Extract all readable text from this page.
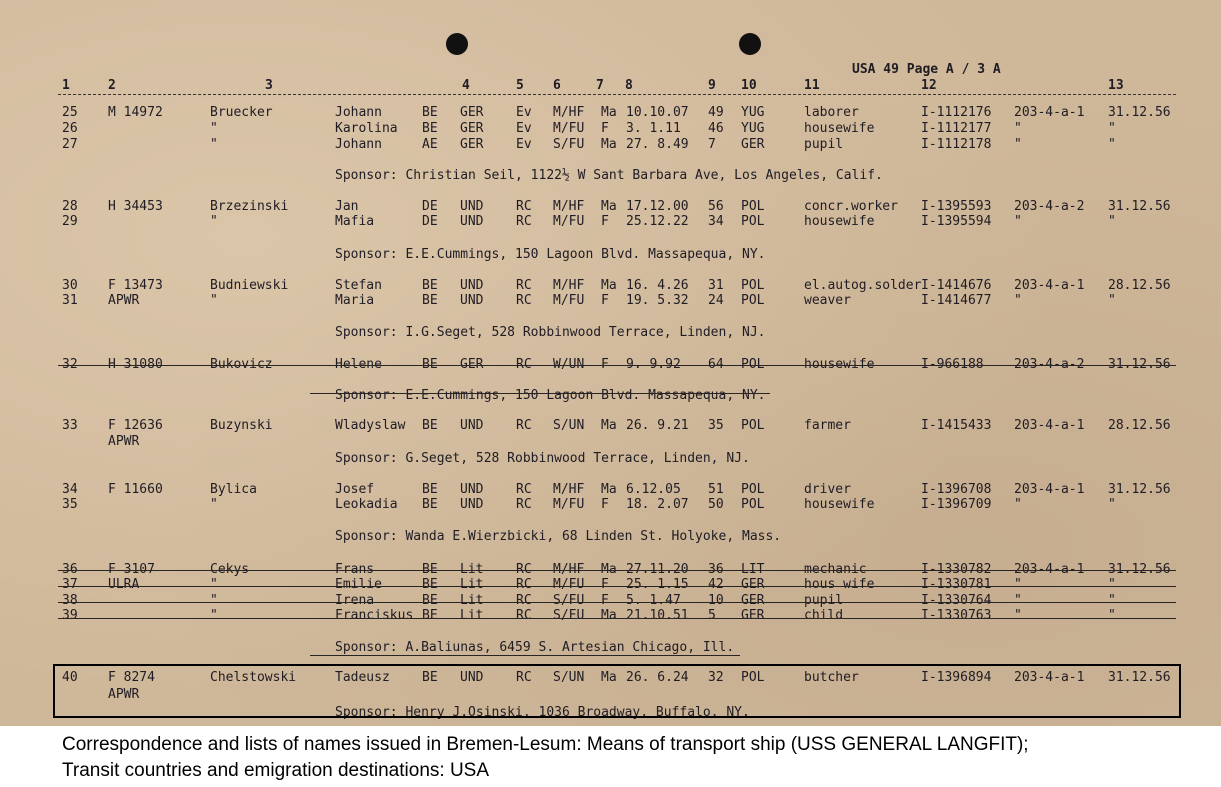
USA 49 Page A / 3 A
1	2	3	4	5 6	7 8	9 10	11	12	13
25 M 14972	Bruecker	Johann	BE GER	Ev M/HF Ma 10.10.07 49 YUG	laborer	I-1112176 203-4-a-1 31.12.56
26	"	Karolina BE GER	Ev M/FU F 3. 1.11 46 YUG	housewife	I-1112177 "	"
27	"	Johann	AE GER	Ev S/FU Ma 27. 8.49 7 GER	pupil	I-1112178 "	"
28 H 34453	Brzezinski	Jan	DE UND	RC M/HF Ma 17.12.00 56 POL	concr.worker I-1395593 203-4-a-2 31.12.56
29	"	Mafia	DE UND	RC M/FU F 25.12.22 34 POL	housewife	I-1395594 "	"
30 F 13473	Budniewski	Stefan	BE UND	RC M/HF Ma 16. 4.26 31 POL	el.autog.solder I-1414676 203-4-a-1 28.12.56
31 APWR	"	Maria	BE UND	RC M/FU F 19. 5.32 24 POL	weaver	I-1414677 "	"
32 H 31080	Bukovicz	Helene	BE GER	RC W/UN F 9. 9.92 64 POL	housewife	I-966188 203-4-a-2 31.12.56
33 F 12636	Buzynski	Wladyslaw BE UND	RC S/UN Ma 26. 9.21 35 POL	farmer	I-1415433 203-4-a-1 28.12.56
APWR
34 F 11660	Bylica	Josef	BE UND	RC M/HF Ma 6.12.05 51 POL	driver	I-1396708 203-4-a-1 31.12.56
35	"	Leokadia BE UND	RC M/FU F 18. 2.07 50 POL	housewife	I-1396709 "	"
36 F 3107	Cekys	Frans	BE Lit	RC M/HF Ma 27.11.20 36 LIT	mechanic	I-1330782 203-4-a-1 31.12.56
37 ULRA	"	Emilie	BE Lit	RC M/FU F 25. 1.15 42 GER	hous wife	I-1330781 "	"
38	"	Irena	BE Lit	RC S/FU F 5. 1.47 10 GER	pupil	I-1330764 "	"
39	"	Franciskus BE Lit	RC S/FU Ma 21.10.51 5 GER	child	I-1330763 "	"
40 F 8274	Chelstowski	Tadeusz BE UND	RC S/UN Ma 26. 6.24 32 POL	butcher	I-1396894 203-4-a-1 31.12.56
APWR
Sponsor: Christian Seil, 1122½ W Sant Barbara Ave, Los Angeles, Calif.
Sponsor: E.E.Cummings, 150 Lagoon Blvd. Massapequa, NY.
Sponsor: I.G.Seget, 528 Robbinwood Terrace, Linden, NJ.
Sponsor: E.E.Cummings, 150 Lagoon Blvd. Massapequa, NY.
Sponsor: G.Seget, 528 Robbinwood Terrace, Linden, NJ.
Sponsor: Wanda E.Wierzbicki, 68 Linden St. Holyoke, Mass.
Sponsor: A.Baliunas, 6459 S. Artesian Chicago, Ill.
Sponsor: Henry J.Osinski, 1036 Broadway, Buffalo, NY.
Correspondence and lists of names issued in Bremen-Lesum: Means of transport ship (USS GENERAL LANGFIT);
Transit countries and emigration destinations: USA
